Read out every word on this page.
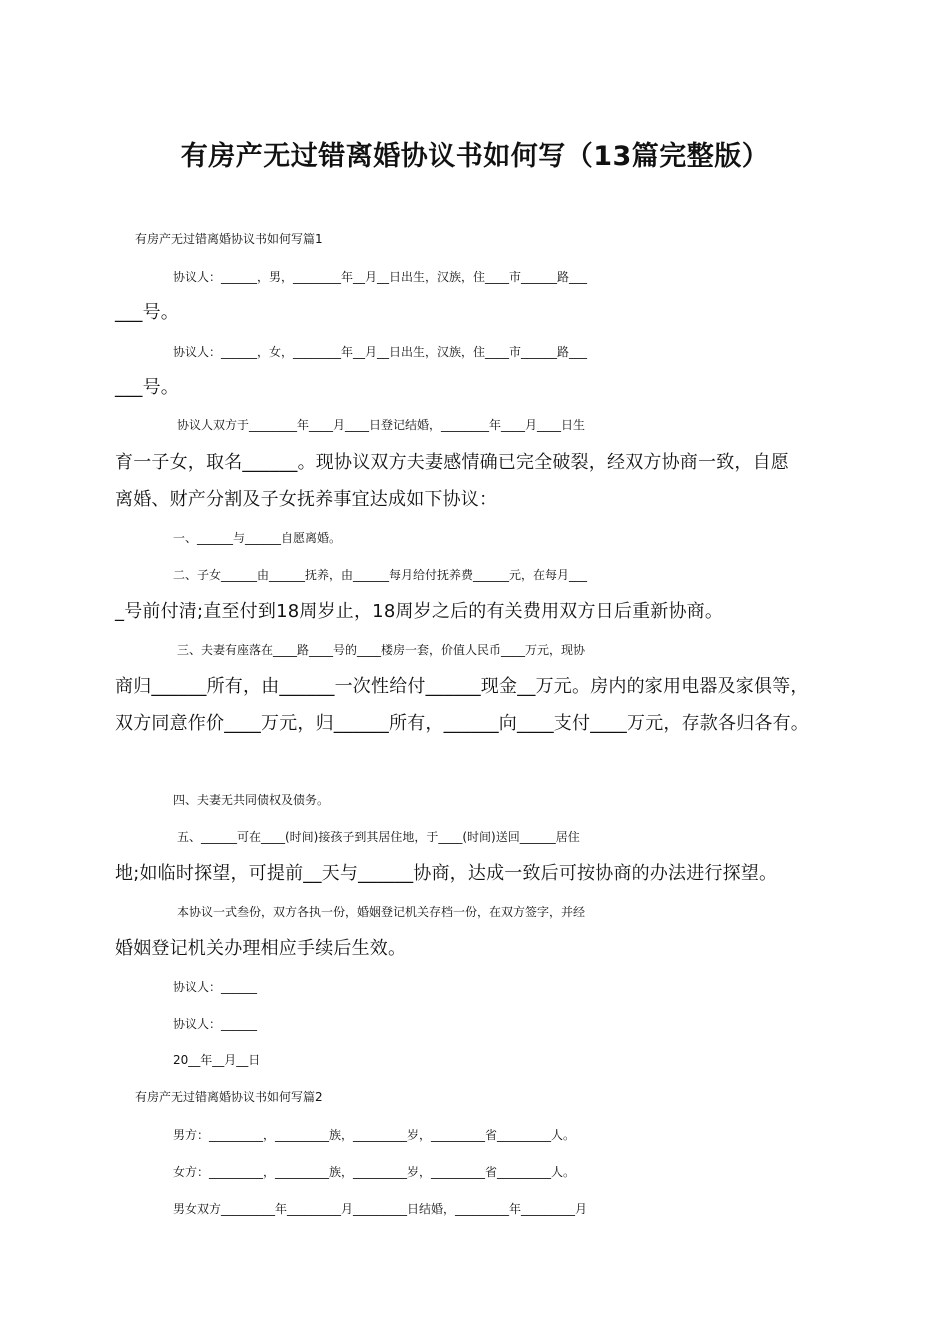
有房产无过错离婚协议书如何写（13篇完整版）
有房产无过错离婚协议书如何写篇1
协议人：______，男，________年__月__日出生，汉族，住____市______路___
___号。
协议人：______，女，________年__月__日出生，汉族，住____市______路___
___号。
协议人双方于________年____月____日登记结婚，________年____月____日生
育一子女，取名______。现协议双方夫妻感情确已完全破裂，经双方协商一致，自愿
离婚、财产分割及子女抚养事宜达成如下协议：
一、______与______自愿离婚。
二、子女______由______抚养，由______每月给付抚养费______元，在每月___
_号前付清;直至付到18周岁止，18周岁之后的有关费用双方日后重新协商。
三、夫妻有座落在____路____号的____楼房一套，价值人民币____万元，现协
商归______所有，由______一次性给付______现金__万元。房内的家用电器及家俱等，
双方同意作价____万元，归______所有，______向____支付____万元，存款各归各有。
四、夫妻无共同债权及债务。
五、______可在____(时间)接孩子到其居住地，于____(时间)送回______居住
地;如临时探望，可提前__天与______协商，达成一致后可按协商的办法进行探望。
本协议一式叁份，双方各执一份，婚姻登记机关存档一份，在双方签字，并经
婚姻登记机关办理相应手续后生效。
协议人：______
协议人：______
20__年__月__日
有房产无过错离婚协议书如何写篇2
男方：_________，_________族，_________岁，_________省_________人。
女方：_________，_________族，_________岁，_________省_________人。
男女双方_________年_________月_________日结婚，_________年_________月
